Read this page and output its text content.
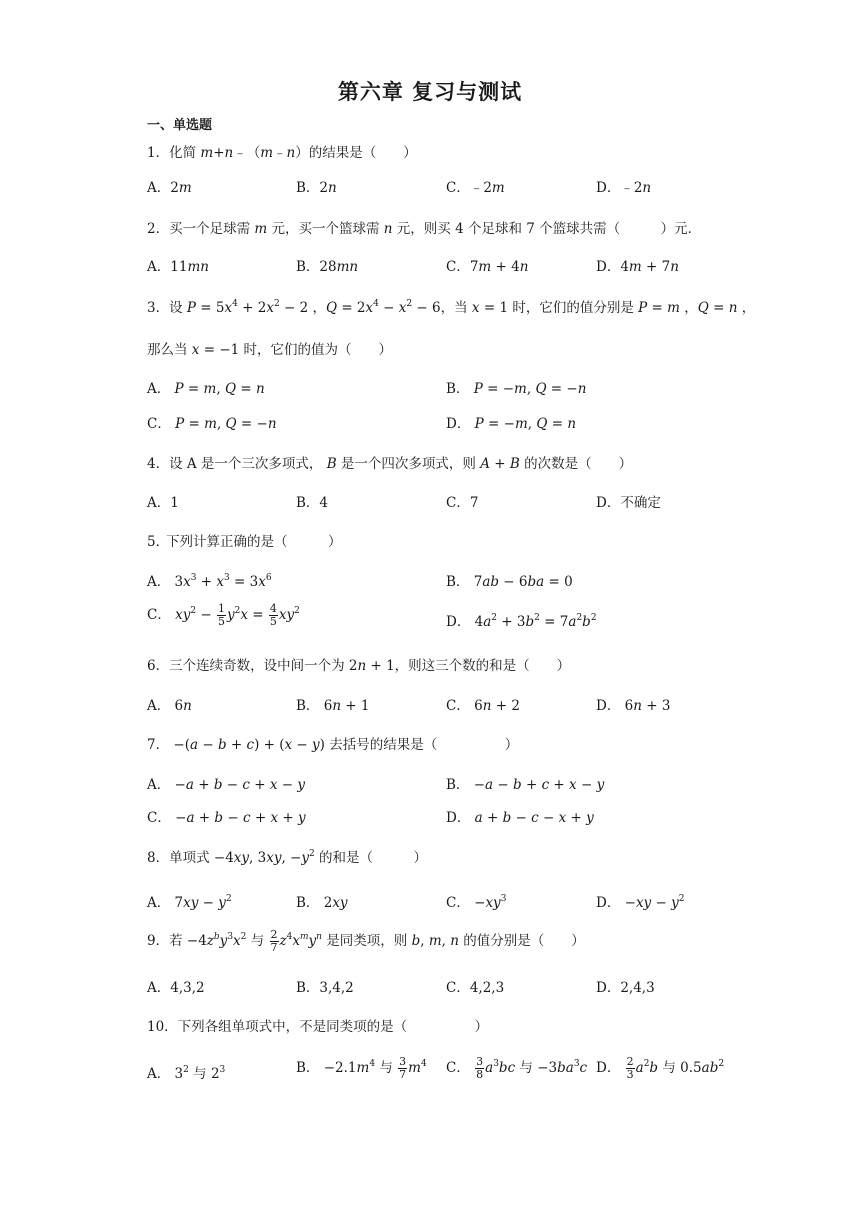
第六章 复习与测试
一、单选题
1．化简 m+n﹣（m﹣n）的结果是（　　）
A．2m	B．2n	C．﹣2m	D．﹣2n
2．买一个足球需 m 元，买一个篮球需 n 元，则买 4 个足球和 7 个篮球共需（　　　）元．
A．11mn	B．28mn	C．7m + 4n	D．4m + 7n
3．设 $P = 5x^4 + 2x^2 - 2$ ，$Q = 2x^4 - x^2 - 6$，当 x = 1 时，它们的值分别是 P = m ，Q = n ，
那么当 x = −1 时，它们的值为（　　）
A． P = m, Q = n	B． P = −m, Q = −n
C． P = m, Q = −n	D． P = −m, Q = n
4．设 A 是一个三次多项式， B 是一个四次多项式，则 A + B 的次数是（　　）
A．1	B．4	C．7	D．不确定
5．
下列计算正确的是（　　　）
A． $3x^3 + x^3 = 3x^6$	B． 7ab − 6ba = 0
C． $xy^2 - \frac{1}{5} y^2x = \frac{4}{5} xy^2$
D． $4a^2 + 3b^2 = 7a^2b^2$
6．三个连续奇数，设中间一个为 2n + 1，则这三个数的和是（　　）
A． 6n	B． 6n + 1	C． 6n + 2	D． 6n + 3
7． −(a − b + c) + (x − y) 去括号的结果是（　　　　　）
A． −a + b − c + x − y	B． −a − b + c + x − y
C． −a + b − c + x + y	D． a + b − c − x + y
8．单项式 −4xy, 3xy, $-y^2$ 的和是（　　　）
A． $7xy - y^2$	B． 2xy	C． $-xy^3$	D． $-xy - y^2$
9．若 $-4z^by^3x^2$ 与 $\frac{2}{7} z^4x^my^n$ 是同类项，则 b, m, n 的值分别是（　　）
A．4,3,2	B．3,4,2	C．4,2,3	D．2,4,3
10．下列各组单项式中，不是同类项的是（　　　　　）
A． $3^2$ 与 $2^3$	B． $-2.1m^4$ 与 $\frac{3}{7} m^4$ C． $\frac{3}{8} a^3bc$ 与 $-3ba^3c$ D． $\frac{2}{3} a^2b$ 与 $0.5ab^2$
